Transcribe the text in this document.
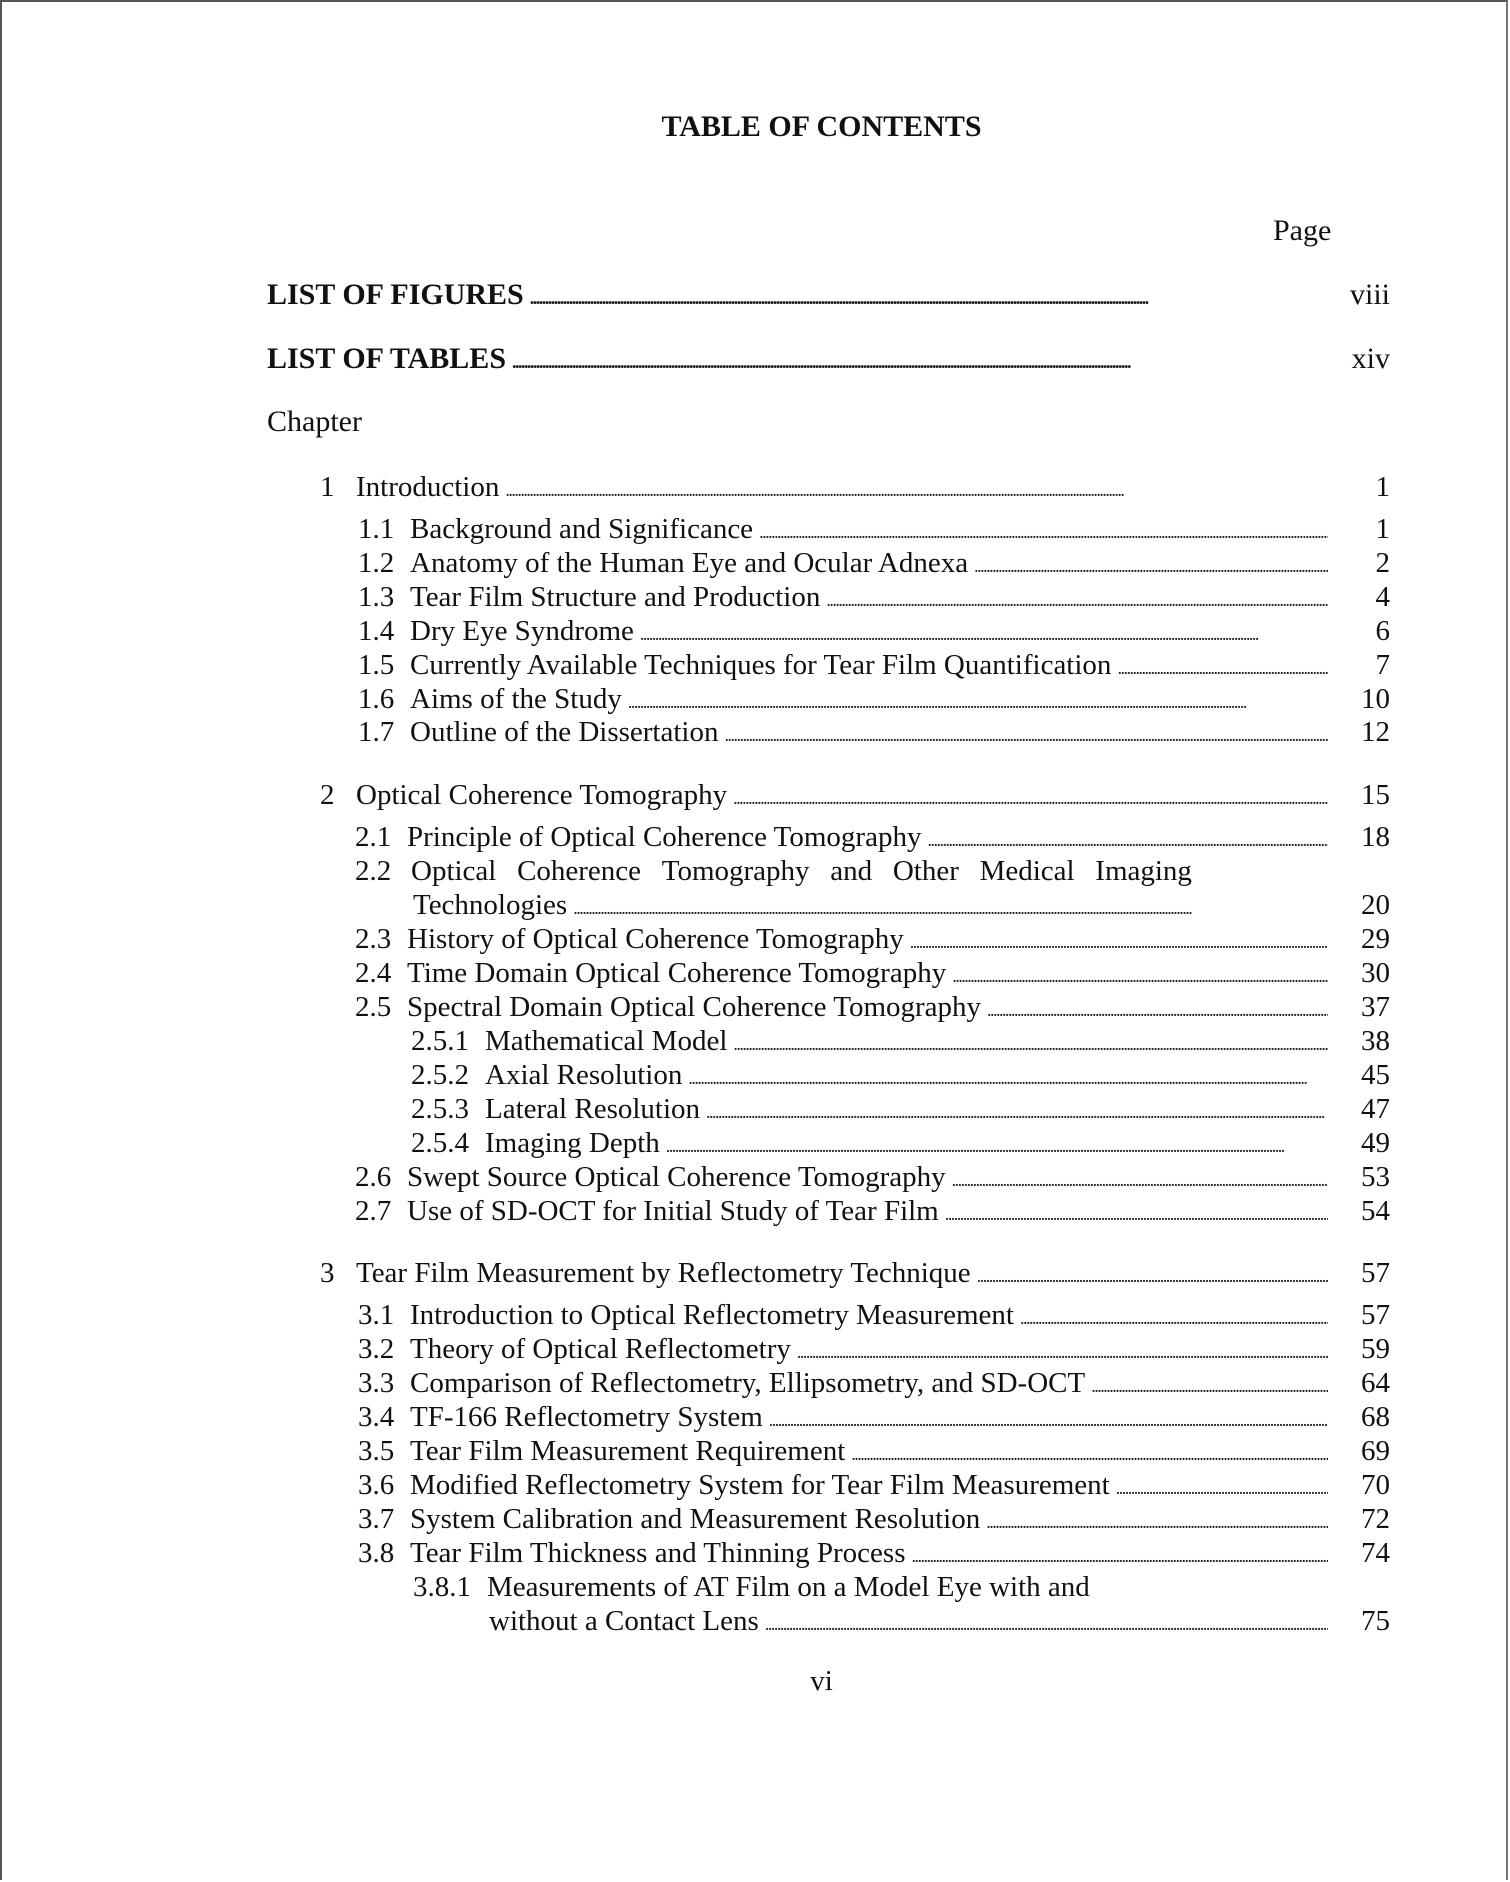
TABLE OF CONTENTS
Page
LIST OF FIGURES . . .	viii
LIST OF TABLES . . .	xiv
Chapter
1 Introduction . . .	1
1.1 Background and Significance . . .	1
1.2 Anatomy of the Human Eye and Ocular Adnexa . . .	2
1.3 Tear Film Structure and Production . . .	4
1.4 Dry Eye Syndrome . . .	6
1.5 Currently Available Techniques for Tear Film Quantification . . .	7
1.6 Aims of the Study . . .	10
1.7 Outline of the Dissertation . . .	12
2 Optical Coherence Tomography . . .	15
2.1 Principle of Optical Coherence Tomography . . .	18
2.2 Optical Coherence Tomography and Other Medical Imaging
Technologies . . .	20
2.3 History of Optical Coherence Tomography . . .	29
2.4 Time Domain Optical Coherence Tomography . . .	30
2.5 Spectral Domain Optical Coherence Tomography . . .	37
2.5.1 Mathematical Model . . .	38
2.5.2 Axial Resolution . . .	45
2.5.3 Lateral Resolution . . .	47
2.5.4 Imaging Depth . . .	49
2.6 Swept Source Optical Coherence Tomography . . .	53
2.7 Use of SD-OCT for Initial Study of Tear Film . . .	54
3 Tear Film Measurement by Reflectometry Technique . . .	57
3.1 Introduction to Optical Reflectometry Measurement . . .	57
3.2 Theory of Optical Reflectometry . . .	59
3.3 Comparison of Reflectometry, Ellipsometry, and SD-OCT . . .	64
3.4 TF-166 Reflectometry System . . .	68
3.5 Tear Film Measurement Requirement . . .	69
3.6 Modified Reflectometry System for Tear Film Measurement . . .	70
3.7 System Calibration and Measurement Resolution . . .	72
3.8 Tear Film Thickness and Thinning Process . . .	74
3.8.1 Measurements of AT Film on a Model Eye with and
without a Contact Lens . . .	75
vi
